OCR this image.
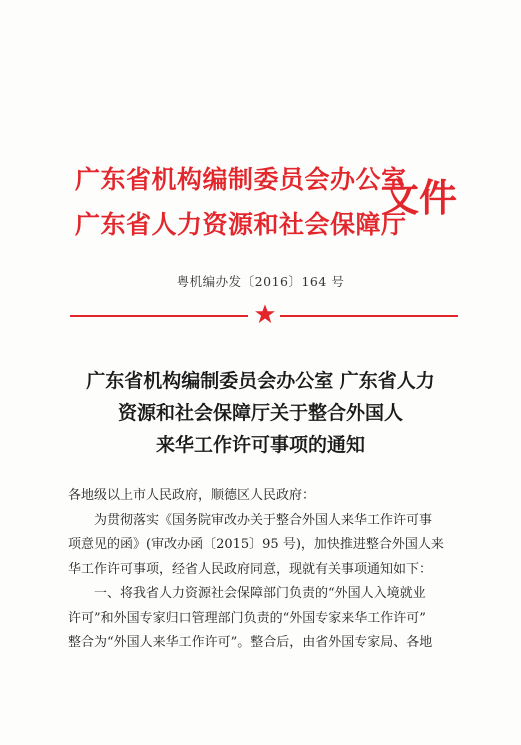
广东省机构编制委员会办公室
广东省人力资源和社会保障厅
文件
粤机编办发〔2016〕164 号
广东省机构编制委员会办公室 广东省人力
资源和社会保障厅关于整合外国人
来华工作许可事项的通知

各地级以上市人民政府，顺德区人民政府：

为贯彻落实《国务院审改办关于整合外国人来华工作许可事

项意见的函》(审改办函〔2015〕95 号)，加快推进整合外国人来

华工作许可事项，经省人民政府同意，现就有关事项通知如下：

一、将我省人力资源社会保障部门负责的“外国人入境就业

许可”和外国专家归口管理部门负责的“外国专家来华工作许可”

整合为“外国人来华工作许可”。整合后，由省外国专家局、各地
